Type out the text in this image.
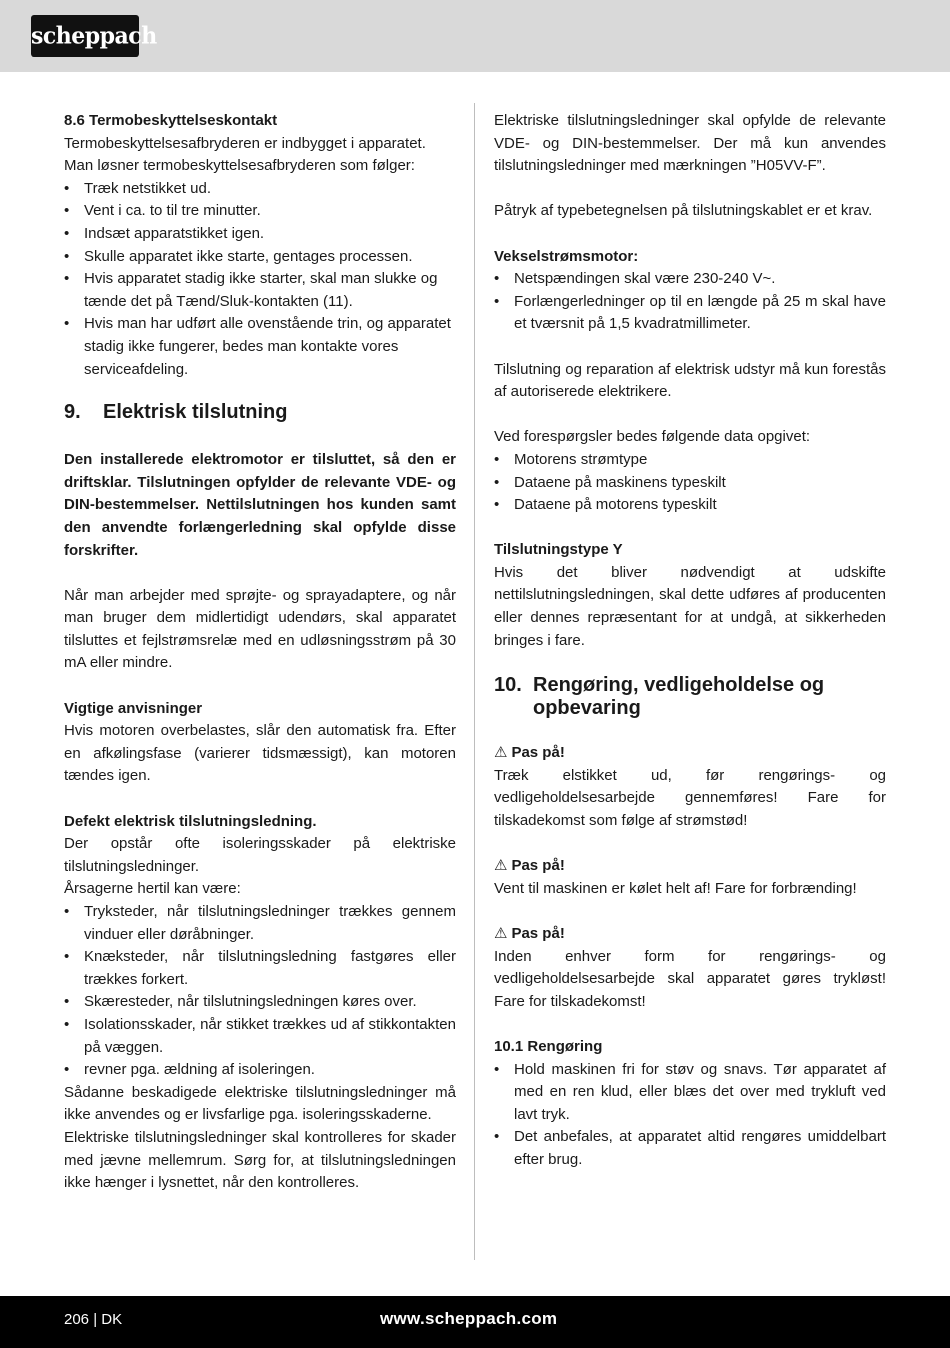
scheppach

8.6 Termobeskyttelseskontakt

Termobeskyttelsesafbryderen er indbygget i apparatet. Man løsner termobeskyttelsesafbryderen som følger:

• Træk netstikket ud.
• Vent i ca. to til tre minutter.
• Indsæt apparatstikket igen.
• Skulle apparatet ikke starte, gentages processen.
• Hvis apparatet stadig ikke starter, skal man slukke og tænde det på Tænd/Sluk-kontakten (11).
• Hvis man har udført alle ovenstående trin, og apparatet stadig ikke fungerer, bedes man kontakte vores serviceafdeling.
9.	Elektrisk tilslutning

Den installerede elektromotor er tilsluttet, så den er driftsklar. Tilslutningen opfylder de relevante VDE- og DIN-bestemmelser. Nettilslutningen hos kunden samt den anvendte forlængerledning skal opfylde disse forskrifter.

Når man arbejder med sprøjte- og sprayadaptere, og når man bruger dem midlertidigt udendørs, skal apparatet tilsluttes et fejlstrømsrelæ med en udløsningsstrøm på 30 mA eller mindre.

Vigtige anvisninger

Hvis motoren overbelastes, slår den automatisk fra. Efter en afkølingsfase (varierer tidsmæssigt), kan motoren tændes igen.

Defekt elektrisk tilslutningsledning.

Der opstår ofte isoleringsskader på elektriske tilslutningsledninger.

Årsagerne hertil kan være:

• Tryksteder, når tilslutningsledninger trækkes gennem vinduer eller døråbninger.
• Knæksteder, når tilslutningsledning fastgøres eller trækkes forkert.
• Skæresteder, når tilslutningsledningen køres over.
• Isolationsskader, når stikket trækkes ud af stikkontakten på væggen.
• revner pga. ældning af isoleringen.

Sådanne beskadigede elektriske tilslutningsledninger må ikke anvendes og er livsfarlige pga. isoleringsskaderne.

Elektriske tilslutningsledninger skal kontrolleres for skader med jævne mellemrum. Sørg for, at tilslutningsledningen ikke hænger i lysnettet, når den kontrolleres.

Elektriske tilslutningsledninger skal opfylde de relevante VDE- og DIN-bestemmelser. Der må kun anvendes tilslutningsledninger med mærkningen ”H05VV-F”.

Påtryk af typebetegnelsen på tilslutningskablet er et krav.

Vekselstrømsmotor:

• Netspændingen skal være 230-240 V~.
• Forlængerledninger op til en længde på 25 m skal have et tværsnit på 1,5 kvadratmillimeter.

Tilslutning og reparation af elektrisk udstyr må kun forestås af autoriserede elektrikere.

Ved forespørgsler bedes følgende data opgivet:

• Motorens strømtype
• Dataene på maskinens typeskilt
• Dataene på motorens typeskilt

Tilslutningstype Y

Hvis det bliver nødvendigt at udskifte nettilslutningsledningen, skal dette udføres af producenten eller dennes repræsentant for at undgå, at sikkerheden bringes i fare.

10. Rengøring, vedligeholdelse og opbevaring

⚠ Pas på!

Træk elstikket ud, før rengørings- og vedligeholdelsesarbejde gennemføres! Fare for tilskadekomst som følge af strømstød!

⚠ Pas på!

Vent til maskinen er kølet helt af! Fare for forbrænding!

⚠ Pas på!

Inden enhver form for rengørings- og vedligeholdelsesarbejde skal apparatet gøres trykløst! Fare for tilskadekomst!

10.1 Rengøring

• Hold maskinen fri for støv og snavs. Tør apparatet af med en ren klud, eller blæs det over med trykluft ved lavt tryk.
• Det anbefales, at apparatet altid rengøres umiddelbart efter brug.
206 | DK	www.scheppach.com
